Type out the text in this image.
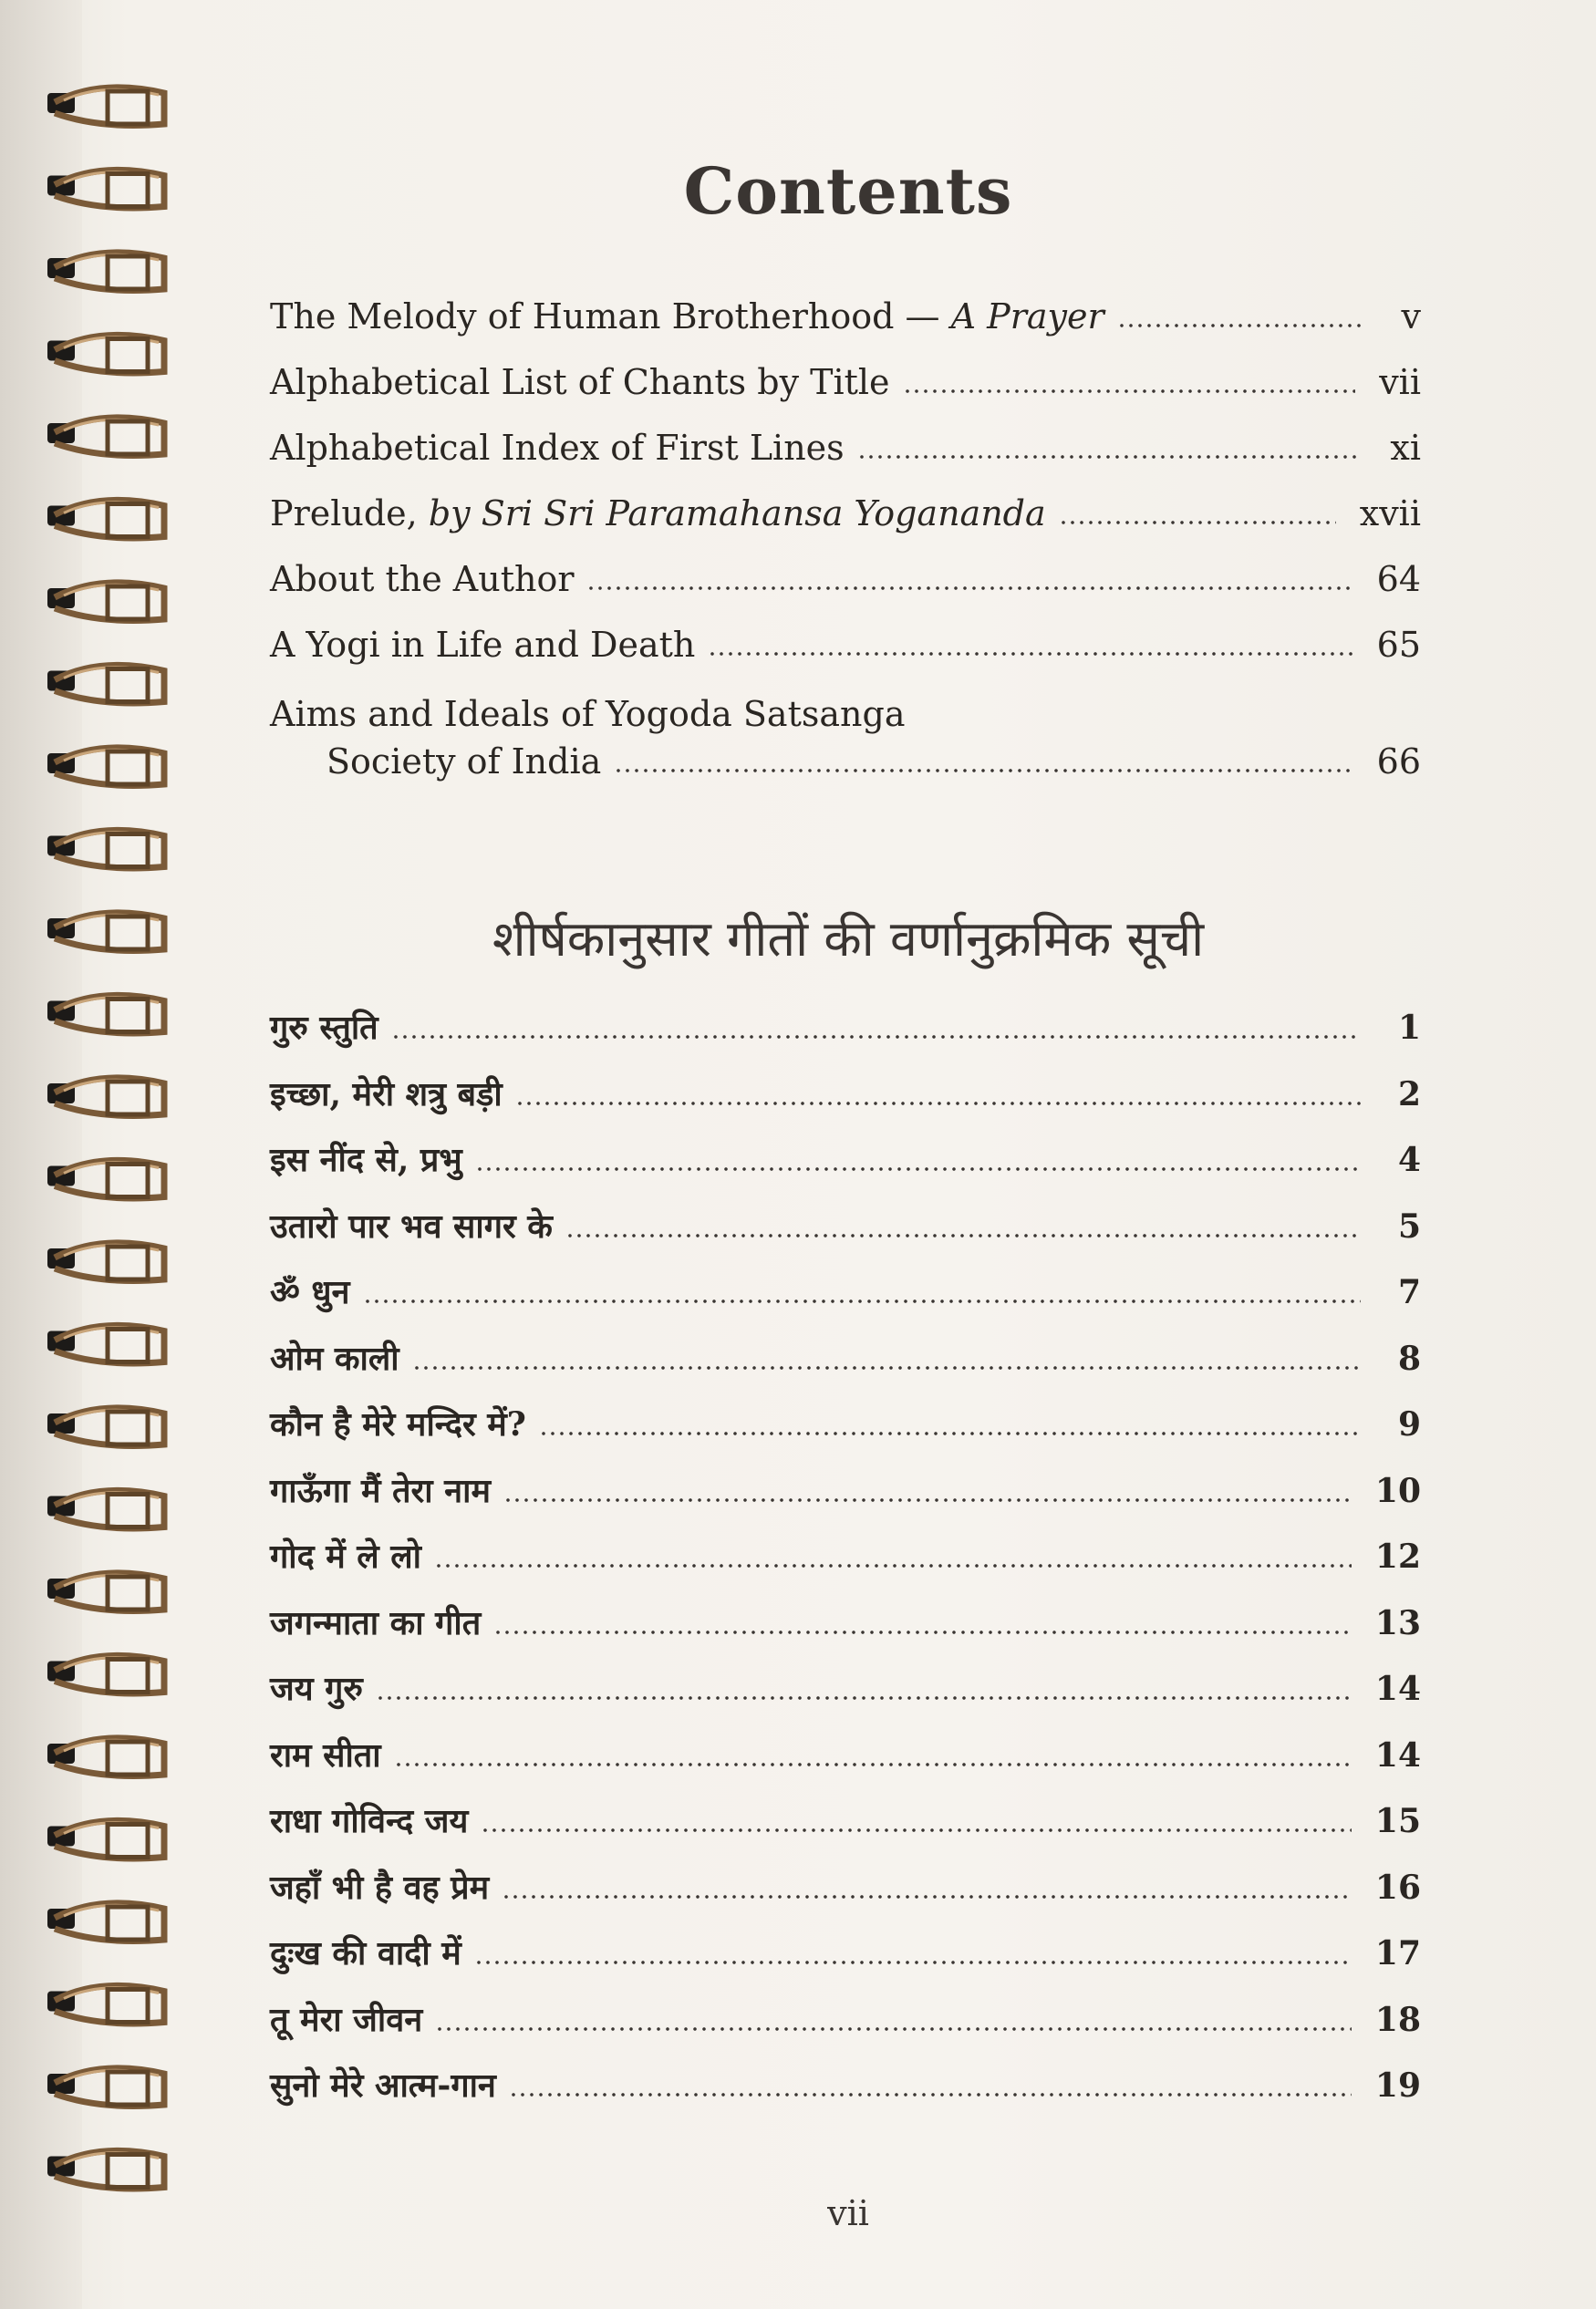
Contents
The Melody of Human Brotherhood — A Prayer	v
Alphabetical List of Chants by Title	vii
Alphabetical Index of First Lines	xi
Prelude, by Sri Sri Paramahansa Yogananda	xvii
About the Author	64
A Yogi in Life and Death	65
Aims and Ideals of Yogoda Satsanga
Society of India	66
शीर्षकानुसार गीतों की वर्णानुक्रमिक सूची
गुरु स्तुति	1
इच्छा, मेरी शत्रु बड़ी	2
इस नींद से, प्रभु	4
उतारो पार भव सागर के	5
ॐ धुन	7
ओम काली	8
कौन है मेरे मन्दिर में?	9
गाऊँगा मैं तेरा नाम	10
गोद में ले लो	12
जगन्माता का गीत	13
जय गुरु	14
राम सीता	14
राधा गोविन्द जय	15
जहाँ भी है वह प्रेम	16
दुःख की वादी में	17
तू मेरा जीवन	18
सुनो मेरे आत्म-गान	19
vii
